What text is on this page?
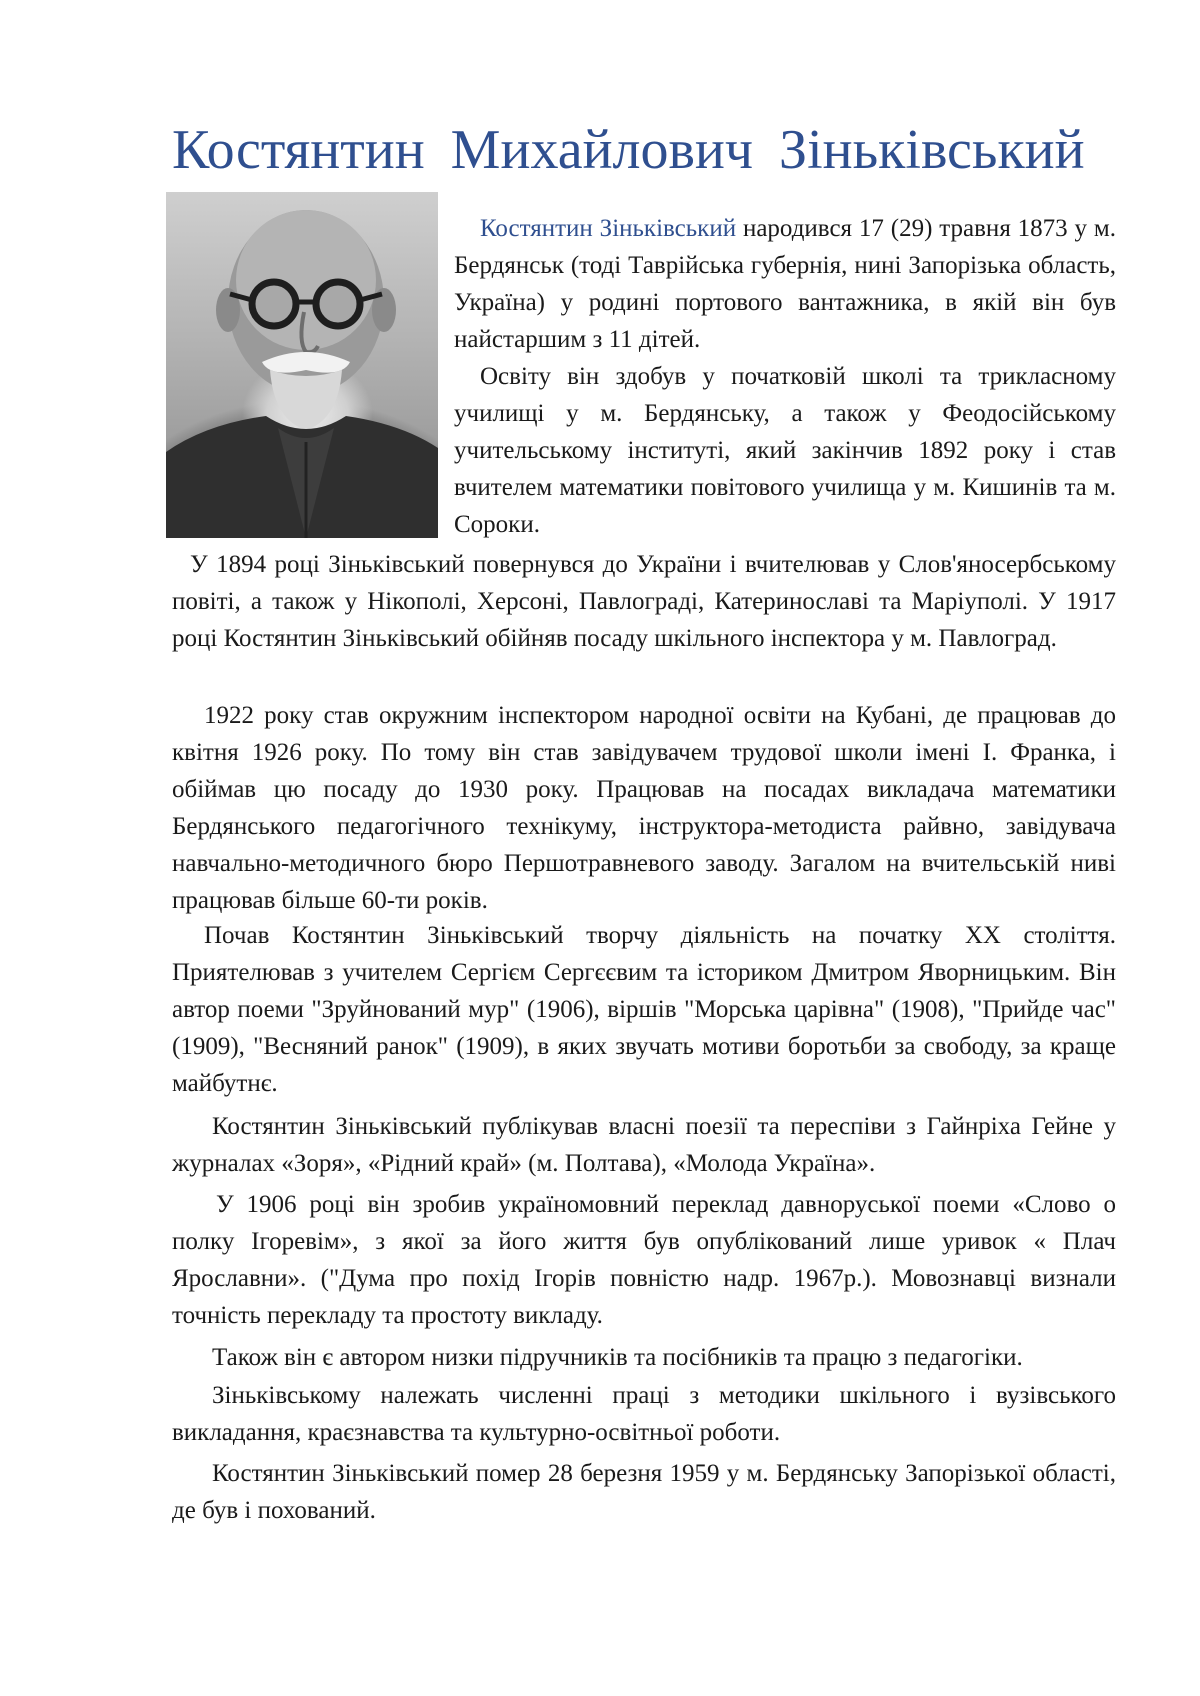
Костянтин Михайлович Зіньківський

Костянтин Зіньківський народився 17 (29) травня 1873 у м. Бердянськ (тоді Таврійська губернія, нині Запорізька область, Україна) у родині портового вантажника, в якій він був найстаршим з 11 дітей.

Освіту він здобув у початковій школі та трикласному училищі у м. Бердянську, а також у Феодосійському учительському інституті, який закінчив 1892 року і став вчителем математики повітового училища у м. Кишинів та м. Сороки.

У 1894 році Зіньківський повернувся до України і вчителював у Слов'яносербському повіті, а також у Нікополі, Херсоні, Павлограді, Катеринославі та Маріуполі. У 1917 році Костянтин Зіньківський обійняв посаду шкільного інспектора у м. Павлоград.

1922 року став окружним інспектором народної освіти на Кубані, де працював до квітня 1926 року. По тому він став завідувачем трудової школи імені І. Франка, і обіймав цю посаду до 1930 року. Працював на посадах викладача математики Бердянського педагогічного технікуму, інструктора-методиста райвно, завідувача навчально-методичного бюро Першотравневого заводу. Загалом на вчительській ниві працював більше 60-ти років.

Почав Костянтин Зіньківський творчу діяльність на початку XX століття. Приятелював з учителем Сергієм Сергєєвим та істориком Дмитром Яворницьким. Він автор поеми "Зруйнований мур" (1906), віршів "Морська царівна" (1908), "Прийде час" (1909), "Весняний ранок" (1909), в яких звучать мотиви боротьби за свободу, за краще майбутнє.

Костянтин Зіньківський публікував власні поезії та переспіви з Гайнріха Гейне у журналах «Зоря», «Рідний край» (м. Полтава), «Молода Україна».

У 1906 році він зробив україномовний переклад давноруської поеми «Слово о полку Ігоревім», з якої за його життя був опублікований лише уривок « Плач Ярославни». ("Дума про похід Ігорів повністю надр. 1967р.). Мовознавці визнали точність перекладу та простоту викладу.

Також він є автором низки підручників та посібників та працю з педагогіки.

Зіньківському належать численні праці з методики шкільного і вузівського викладання, краєзнавства та культурно-освітньої роботи.

Костянтин Зіньківський помер 28 березня 1959 у м. Бердянську Запорізької області, де був і похований.
